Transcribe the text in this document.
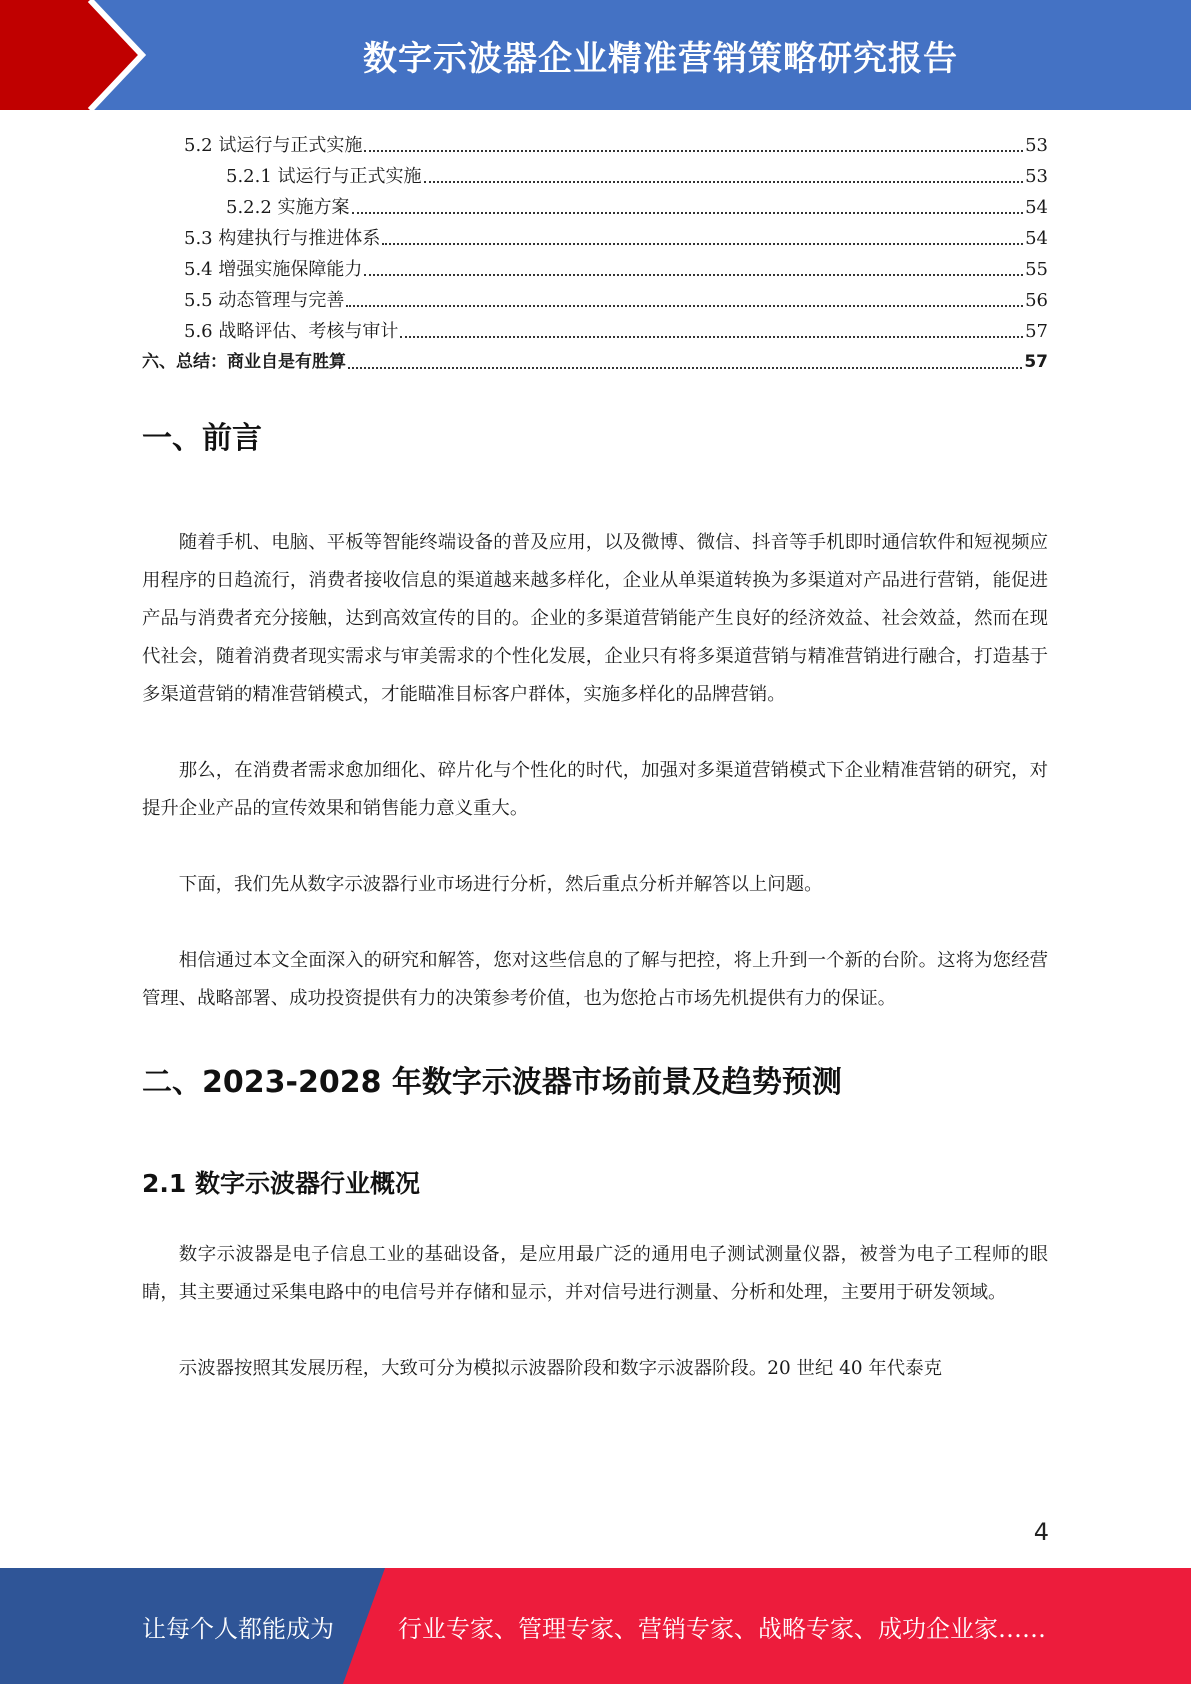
数字示波器企业精准营销策略研究报告
5.2 试运行与正式实施	53
5.2.1 试运行与正式实施	53
5.2.2 实施方案	54
5.3 构建执行与推进体系	54
5.4 增强实施保障能力	55
5.5 动态管理与完善	56
5.6 战略评估、考核与审计	57
六、总结：商业自是有胜算	57
一、前言

随着手机、电脑、平板等智能终端设备的普及应用，以及微博、微信、抖音等手机即时通信软件和短视频应用程序的日趋流行，消费者接收信息的渠道越来越多样化，企业从单渠道转换为多渠道对产品进行营销，能促进产品与消费者充分接触，达到高效宣传的目的。企业的多渠道营销能产生良好的经济效益、社会效益，然而在现代社会，随着消费者现实需求与审美需求的个性化发展，企业只有将多渠道营销与精准营销进行融合，打造基于多渠道营销的精准营销模式，才能瞄准目标客户群体，实施多样化的品牌营销。

那么，在消费者需求愈加细化、碎片化与个性化的时代，加强对多渠道营销模式下企业精准营销的研究，对提升企业产品的宣传效果和销售能力意义重大。

下面，我们先从数字示波器行业市场进行分析，然后重点分析并解答以上问题。

相信通过本文全面深入的研究和解答，您对这些信息的了解与把控，将上升到一个新的台阶。这将为您经营管理、战略部署、成功投资提供有力的决策参考价值，也为您抢占市场先机提供有力的保证。

二、2023-2028 年数字示波器市场前景及趋势预测
2.1 数字示波器行业概况

数字示波器是电子信息工业的基础设备，是应用最广泛的通用电子测试测量仪器，被誉为电子工程师的眼睛，其主要通过采集电路中的电信号并存储和显示，并对信号进行测量、分析和处理，主要用于研发领域。

示波器按照其发展历程，大致可分为模拟示波器阶段和数字示波器阶段。20 世纪 40 年代泰克

4
让每个人都能成为	行业专家、管理专家、营销专家、战略专家、成功企业家……
